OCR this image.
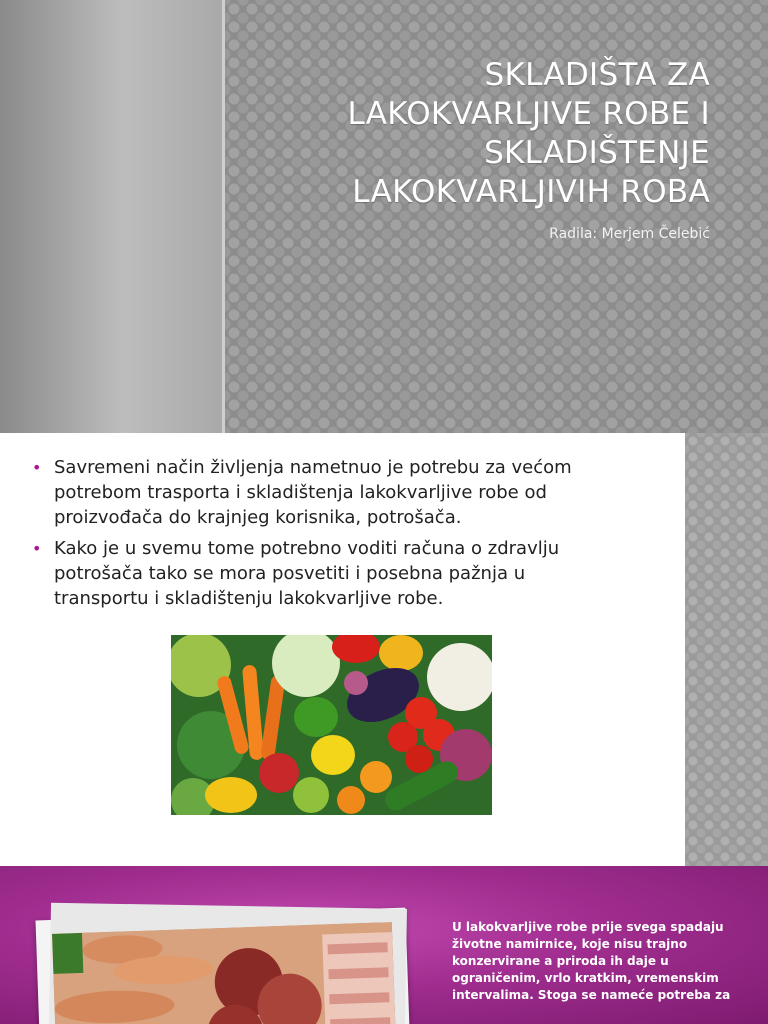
SKLADIŠTA ZA LAKOKVARLJIVE ROBE I SKLADIŠTENJE LAKOKVARLJIVIH ROBA

Radila: Merjem Čelebić

• Savremeni način življenja nametnuo je potrebu za većom potrebom trasporta i skladištenja lakokvarljive robe od proizvođača do krajnjeg korisnika, potrošača.
• Kako je u svemu tome potrebno voditi računa o zdravlju potrošača tako se mora posvetiti i posebna pažnja u transportu i skladištenju lakokvarljive robe.

U lakokvarljive robe prije svega spadaju životne namirnice, koje nisu trajno konzervirane a priroda ih daje u ograničenim, vrlo kratkim, vremenskim intervalima. Stoga se nameće potreba za
